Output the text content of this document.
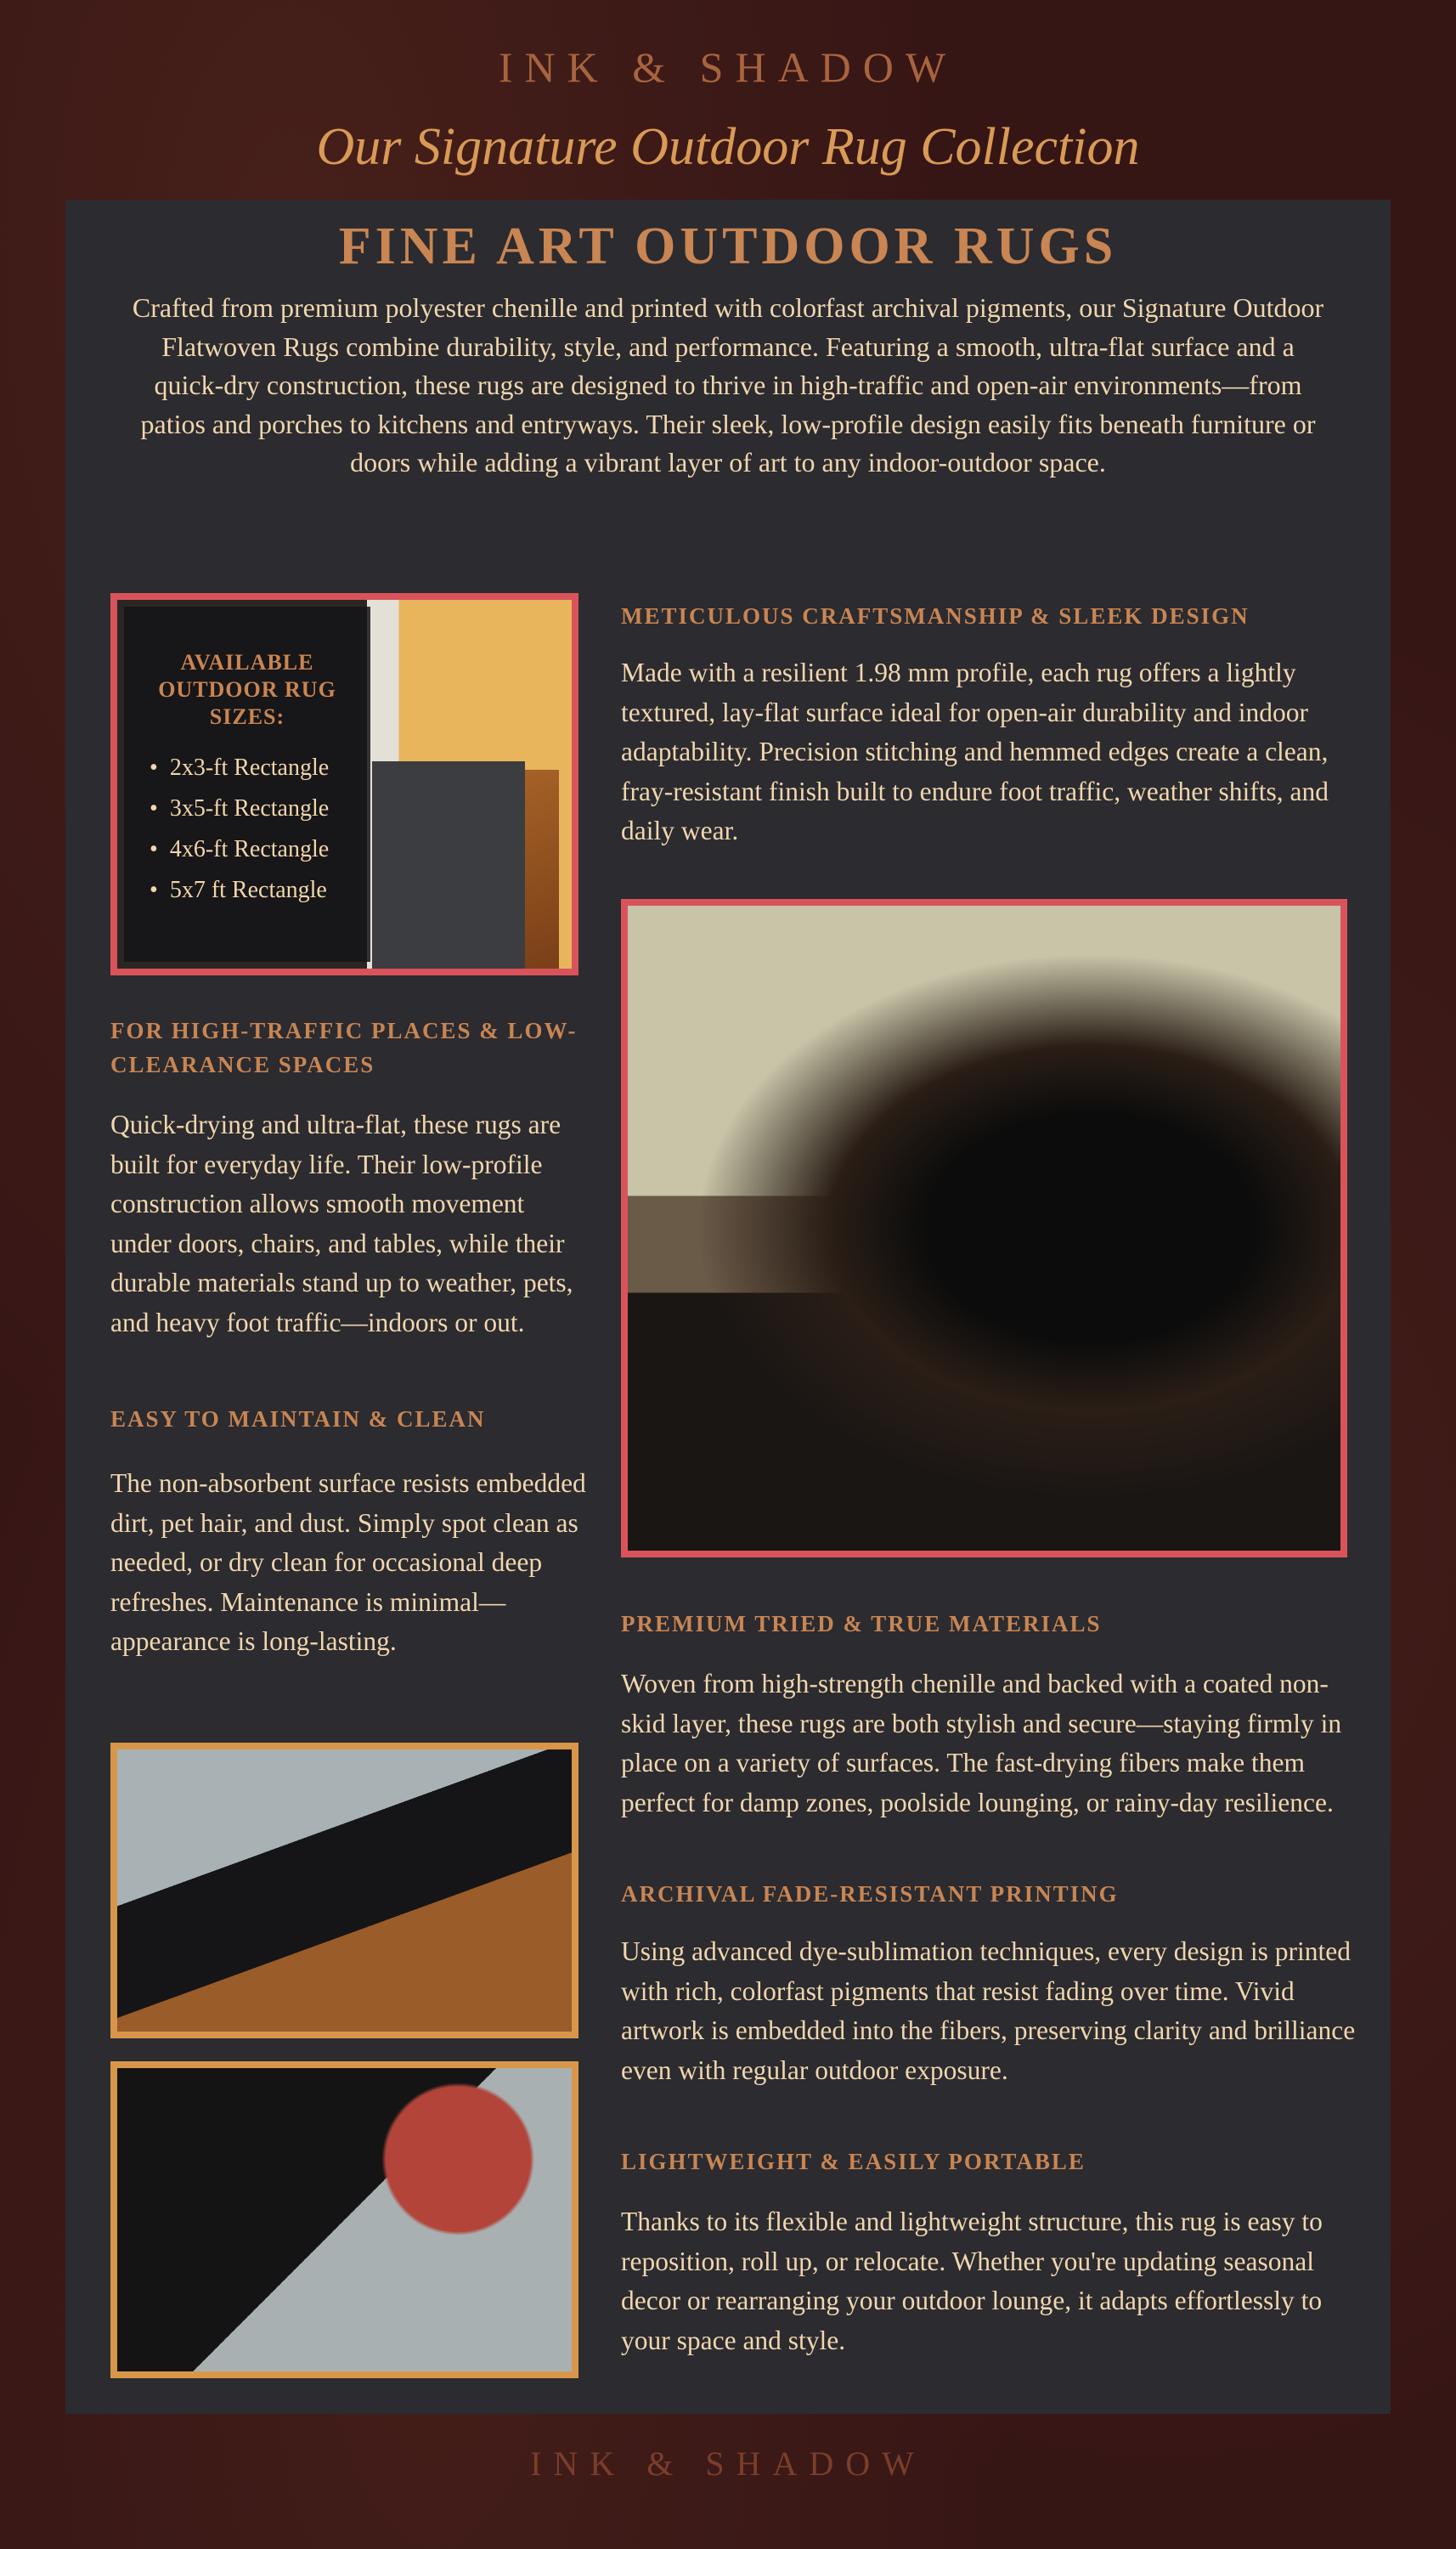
INK & SHADOW
Our Signature Outdoor Rug Collection
FINE ART OUTDOOR RUGS

Crafted from premium polyester chenille and printed with colorfast archival pigments, our Signature Outdoor Flatwoven Rugs combine durability, style, and performance. Featuring a smooth, ultra-flat surface and a quick-dry construction, these rugs are designed to thrive in high-traffic and open-air environments—from patios and porches to kitchens and entryways. Their sleek, low-profile design easily fits beneath furniture or doors while adding a vibrant layer of art to any indoor-outdoor space.

AVAILABLE OUTDOOR RUG SIZES:
• 2x3-ft Rectangle
• 3x5-ft Rectangle
• 4x6-ft Rectangle
• 5x7 ft Rectangle
FOR HIGH-TRAFFIC PLACES & LOW-CLEARANCE SPACES

Quick-drying and ultra-flat, these rugs are built for everyday life. Their low-profile construction allows smooth movement under doors, chairs, and tables, while their durable materials stand up to weather, pets, and heavy foot traffic—indoors or out.

EASY TO MAINTAIN & CLEAN

The non-absorbent surface resists embedded dirt, pet hair, and dust. Simply spot clean as needed, or dry clean for occasional deep refreshes. Maintenance is minimal—appearance is long-lasting.

METICULOUS CRAFTSMANSHIP & SLEEK DESIGN

Made with a resilient 1.98 mm profile, each rug offers a lightly textured, lay-flat surface ideal for open-air durability and indoor adaptability. Precision stitching and hemmed edges create a clean, fray-resistant finish built to endure foot traffic, weather shifts, and daily wear.

PREMIUM TRIED & TRUE MATERIALS

Woven from high-strength chenille and backed with a coated non-skid layer, these rugs are both stylish and secure—staying firmly in place on a variety of surfaces. The fast-drying fibers make them perfect for damp zones, poolside lounging, or rainy-day resilience.

ARCHIVAL FADE-RESISTANT PRINTING

Using advanced dye-sublimation techniques, every design is printed with rich, colorfast pigments that resist fading over time. Vivid artwork is embedded into the fibers, preserving clarity and brilliance even with regular outdoor exposure.

LIGHTWEIGHT & EASILY PORTABLE

Thanks to its flexible and lightweight structure, this rug is easy to reposition, roll up, or relocate. Whether you're updating seasonal decor or rearranging your outdoor lounge, it adapts effortlessly to your space and style.

INK & SHADOW
